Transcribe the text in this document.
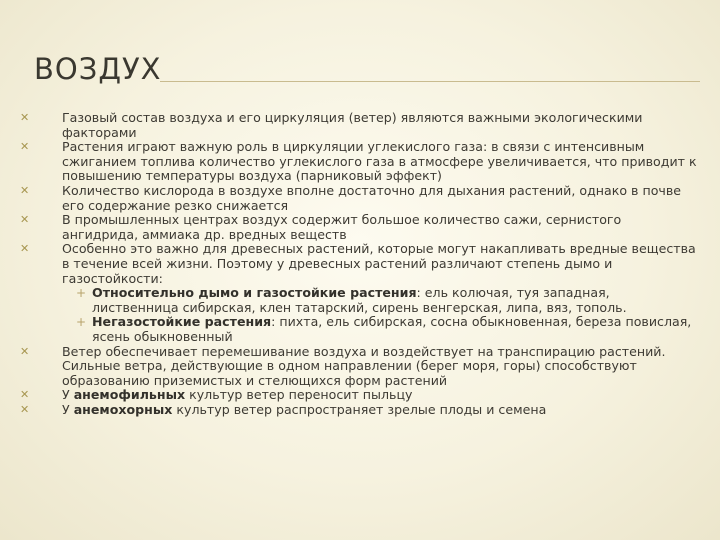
ВОЗДУХ
✕	Газовый состав воздуха и его циркуляция (ветер) являются важными экологическими факторами
✕	Растения играют важную роль в циркуляции углекислого газа: в связи с интенсивным сжиганием топлива количество углекислого газа в атмосфере увеличивается, что приводит к повышению температуры воздуха (парниковый эффект)
✕	Количество кислорода в воздухе вполне достаточно для дыхания растений, однако в почве его содержание резко снижается
✕	В промышленных центрах воздух содержит большое количество сажи, сернистого ангидрида, аммиака др. вредных веществ
✕	Особенно это важно для древесных растений, которые могут накапливать вредные вещества в течение всей жизни. Поэтому у древесных растений различают степень дымо и газостойкости:
+ Относительно дымо и газостойкие растения: ель колючая, туя западная, лиственница сибирская, клен татарский, сирень венгерская, липа, вяз, тополь.
+ Негазостойкие растения: пихта, ель сибирская, сосна обыкновенная, береза повислая, ясень обыкновенный
✕	Ветер обеспечивает перемешивание воздуха и воздействует на транспирацию растений. Сильные ветра, действующие в одном направлении (берег моря, горы) способствуют образованию приземистых и стелющихся форм растений
✕	У анемофильных культур ветер переносит пыльцу
✕	У анемохорных культур ветер распространяет зрелые плоды и семена
